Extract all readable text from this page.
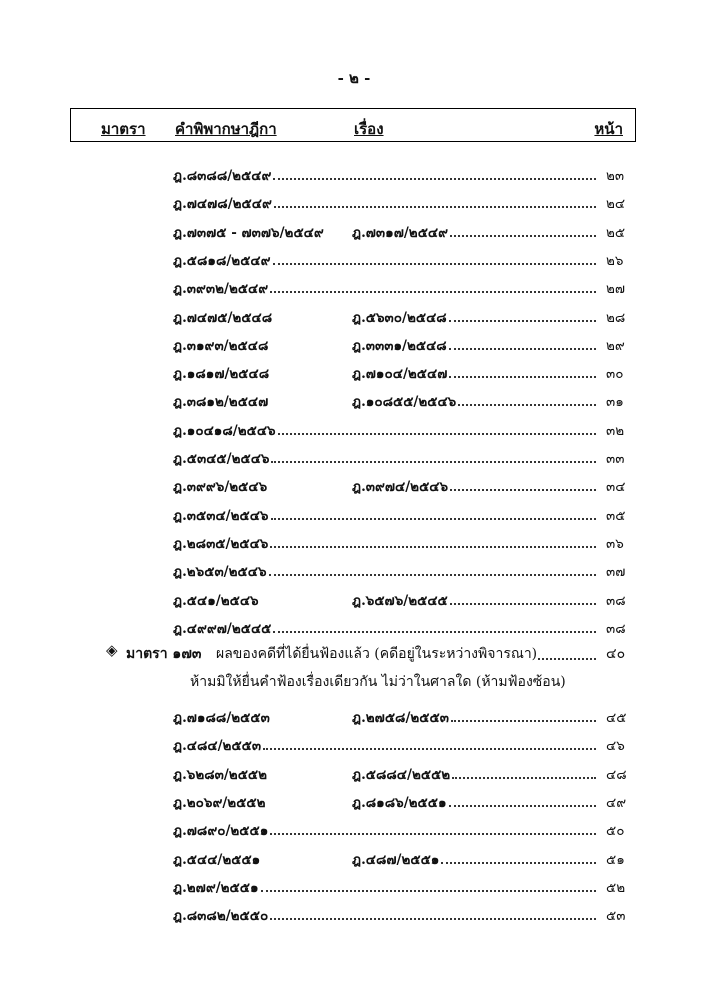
- ๒ -
มาตรา คำพิพากษาฎีกา	เรื่อง	หน้า
ฎ.๘๓๘๘/๒๕๔๙	๒๓
ฎ.๗๔๗๘/๒๕๔๙	๒๔
ฎ.๗๓๗๕ - ๗๓๗๖/๒๕๔๙ ฎ.๗๓๑๗/๒๕๔๙	๒๕
ฎ.๕๘๑๘/๒๕๔๙	๒๖
ฎ.๓๙๓๒/๒๕๔๙	๒๗
ฎ.๗๔๗๕/๒๕๔๘	ฎ.๕๖๓๐/๒๕๔๘	๒๘
ฎ.๓๑๙๓/๒๕๔๘	ฎ.๓๓๓๑/๒๕๔๘	๒๙
ฎ.๑๘๑๗/๒๕๔๘	ฎ.๗๑๐๔/๒๕๔๗	๓๐
ฎ.๓๘๑๒/๒๕๔๗	ฎ.๑๐๘๕๕/๒๕๔๖	๓๑
ฎ.๑๐๔๑๘/๒๕๔๖	๓๒
ฎ.๕๓๔๕/๒๕๔๖	๓๓
ฎ.๓๙๙๖/๒๕๔๖	ฎ.๓๙๗๔/๒๕๔๖	๓๔
ฎ.๓๕๓๔/๒๕๔๖	๓๕
ฎ.๒๘๓๕/๒๕๔๖	๓๖
ฎ.๒๖๕๓/๒๕๔๖	๓๗
ฎ.๕๔๑/๒๕๔๖	ฎ.๖๕๗๖/๒๕๔๕	๓๘
ฎ.๔๙๙๗/๒๕๔๕	๓๘
◈ มาตรา ๑๗๓ ผลของคดีที่ได้ยื่นฟ้องแล้ว (คดีอยู่ในระหว่างพิจารณา)	๔๐
ห้ามมิให้ยื่นคำฟ้องเรื่องเดียวกัน ไม่ว่าในศาลใด (ห้ามฟ้องซ้อน)
ฎ.๗๑๘๘/๒๕๕๓	ฎ.๒๗๕๘/๒๕๕๓	๔๕
ฎ.๔๘๔/๒๕๕๓	๔๖
ฎ.๖๒๘๓/๒๕๕๒	ฎ.๕๘๘๔/๒๕๕๒	๔๘
ฎ.๒๐๖๙/๒๕๕๒	ฎ.๘๑๘๖/๒๕๕๑	๔๙
ฎ.๗๘๙๐/๒๕๕๑	๕๐
ฎ.๕๔๔/๒๕๕๑	ฎ.๔๘๗/๒๕๕๑	๕๑
ฎ.๒๗๙/๒๕๕๑	๕๒
ฎ.๘๓๘๒/๒๕๕๐	๕๓
